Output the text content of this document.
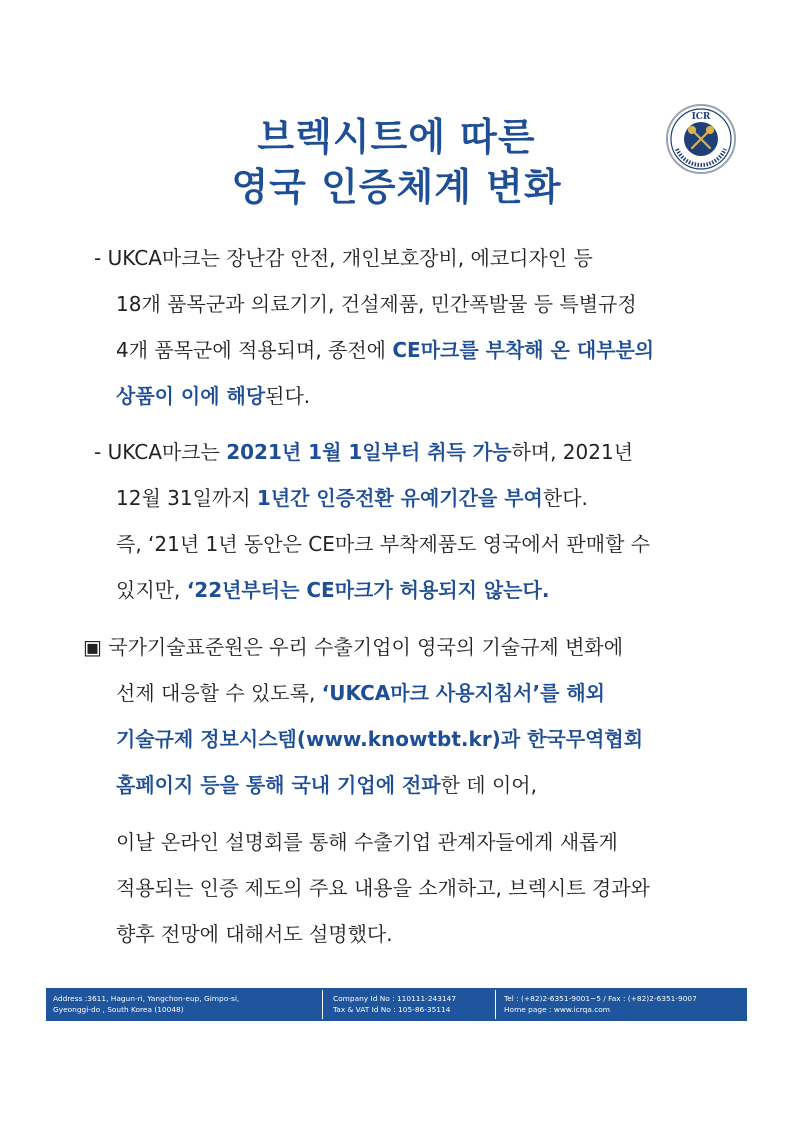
브렉시트에 따른
영국 인증체계 변화
ICR
- UKCA마크는 장난감 안전, 개인보호장비, 에코디자인 등
18개 품목군과 의료기기, 건설제품, 민간폭발물 등 특별규정
4개 품목군에 적용되며, 종전에 CE마크를 부착해 온 대부분의
상품이 이에 해당된다.
- UKCA마크는 2021년 1월 1일부터 취득 가능하며, 2021년
12월 31일까지 1년간 인증전환 유예기간을 부여한다.
즉, ‘21년 1년 동안은 CE마크 부착제품도 영국에서 판매할 수
있지만, ‘22년부터는 CE마크가 허용되지 않는다.
▣ 국가기술표준원은 우리 수출기업이 영국의 기술규제 변화에
선제 대응할 수 있도록, ‘UKCA마크 사용지침서’를 해외
기술규제 정보시스템(www.knowtbt.kr)과 한국무역협회
홈페이지 등을 통해 국내 기업에 전파한 데 이어,
이날 온라인 설명회를 통해 수출기업 관계자들에게 새롭게
적용되는 인증 제도의 주요 내용을 소개하고, 브렉시트 경과와
향후 전망에 대해서도 설명했다.
Address :3611, Hagun-ri, Yangchon-eup, Gimpo-si,
Gyeonggi-do , South Korea (10048)
Company Id No : 110111-243147
Tax & VAT Id No : 105-86-35114
Tel : (+82)2-6351-9001~5 / Fax : (+82)2-6351-9007
Home page : www.icrqa.com
